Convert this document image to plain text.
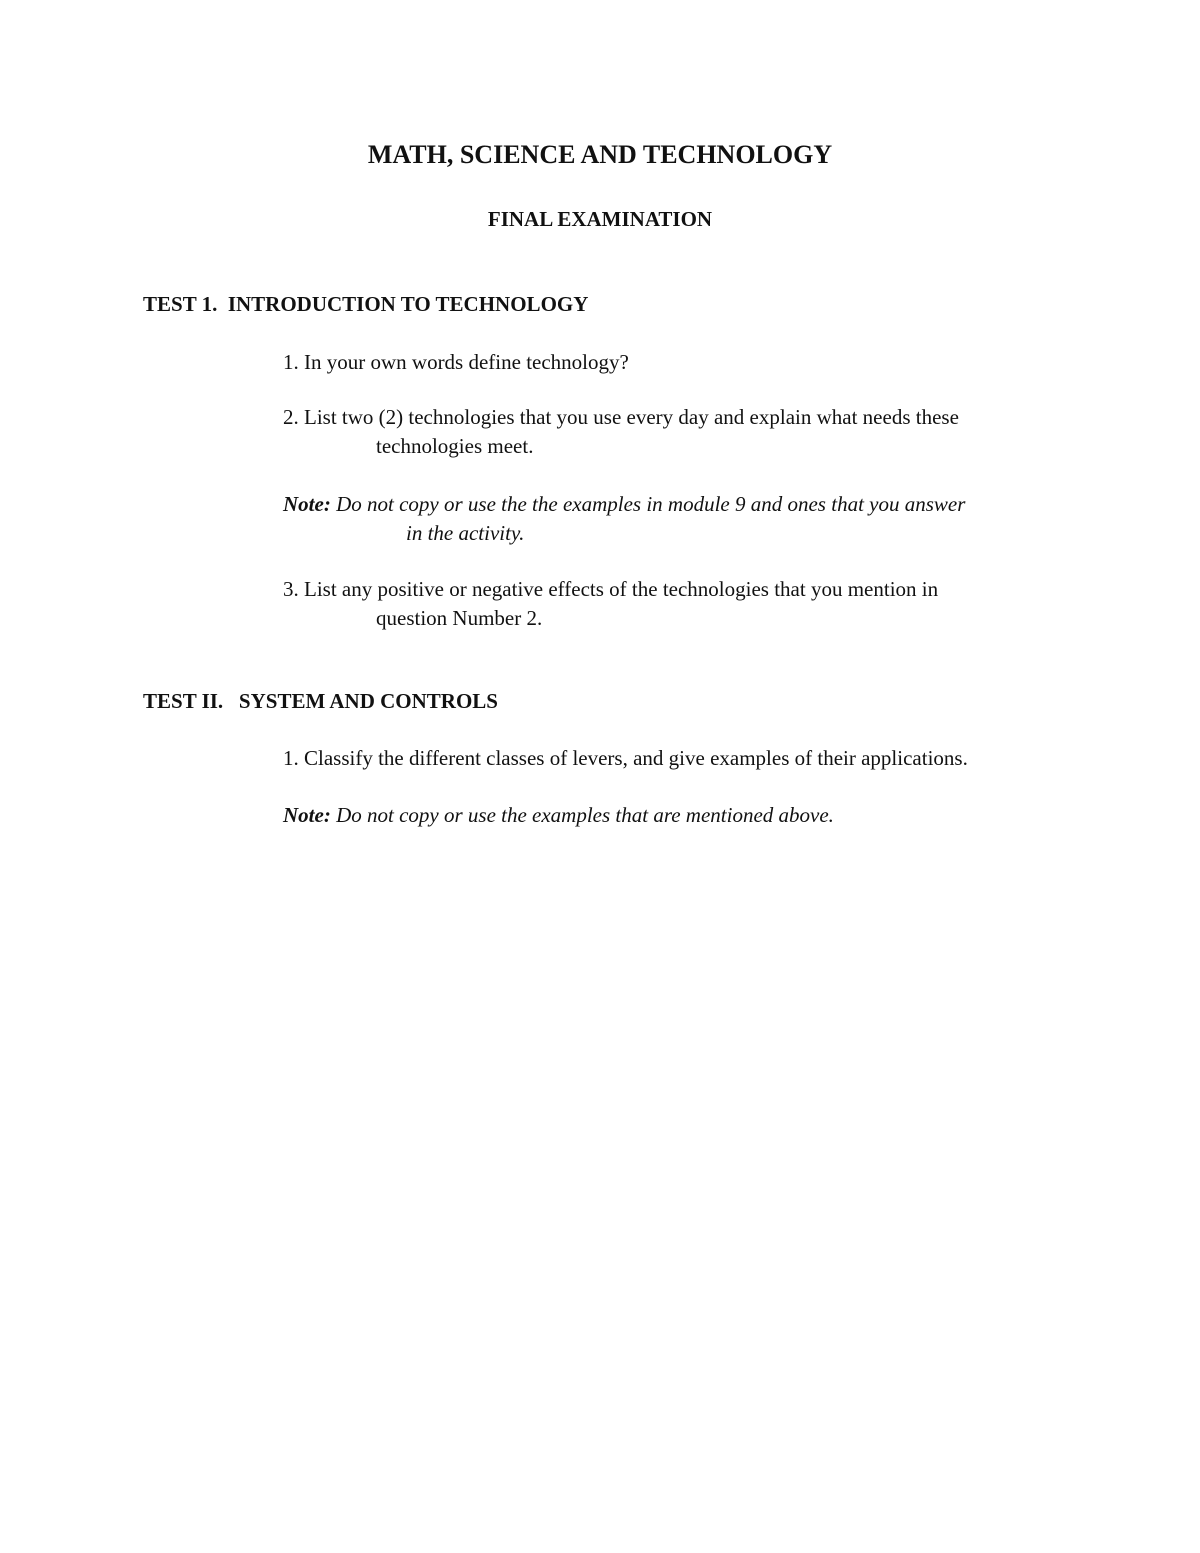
MATH, SCIENCE AND TECHNOLOGY
FINAL EXAMINATION
TEST 1.  INTRODUCTION TO TECHNOLOGY
1. In your own words define technology?
2. List two (2) technologies that you use every day and explain what needs these
technologies meet.
Note: Do not copy or use the the examples in module 9 and ones that you answer
in the activity.
3. List any positive or negative effects of the technologies that you mention in
question Number 2.
TEST II.   SYSTEM AND CONTROLS
1. Classify the different classes of levers, and give examples of their applications.
Note: Do not copy or use the examples that are mentioned above.
